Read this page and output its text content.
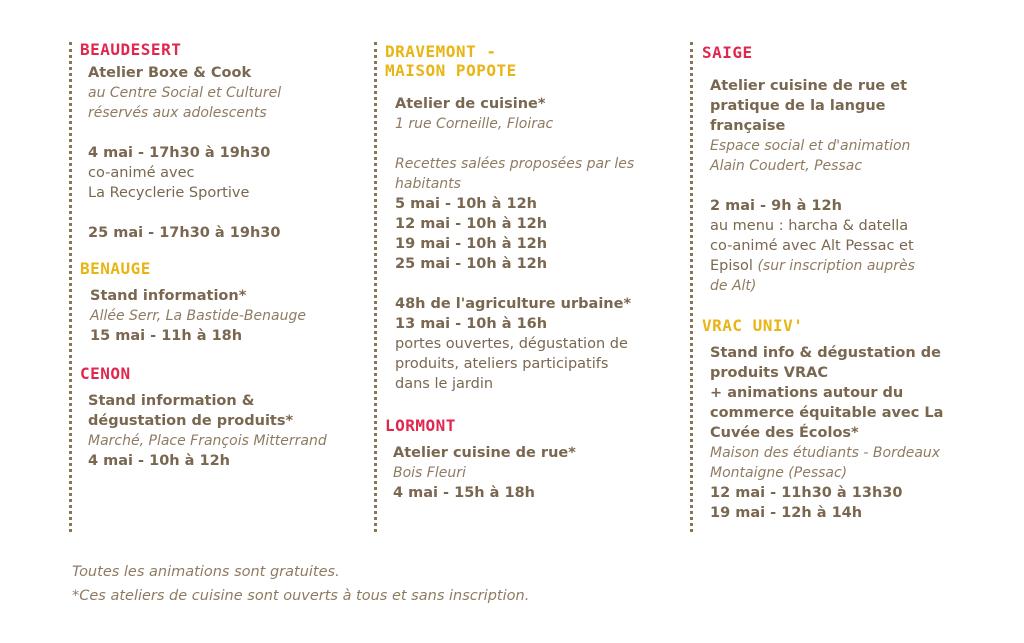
BEAUDESERT

Atelier Boxe & Cook
au Centre Social et Culturel
réservés aux adolescents
4 mai - 17h30 à 19h30
co-animé avec
La Recyclerie Sportive
25 mai - 17h30 à 19h30

BENAUGE

Stand information*
Allée Serr, La Bastide-Benauge
15 mai - 11h à 18h

CENON

Stand information &
dégustation de produits*
Marché, Place François Mitterrand
4 mai - 10h à 12h

DRAVEMONT -

MAISON POPOTE

Atelier de cuisine*
1 rue Corneille, Floirac
Recettes salées proposées par les
habitants
5 mai - 10h à 12h
12 mai - 10h à 12h
19 mai - 10h à 12h
25 mai - 10h à 12h
48h de l'agriculture urbaine*
13 mai - 10h à 16h
portes ouvertes, dégustation de
produits, ateliers participatifs
dans le jardin

LORMONT

Atelier cuisine de rue*
Bois Fleuri
4 mai - 15h à 18h

SAIGE

Atelier cuisine de rue et
pratique de la langue
française
Espace social et d'animation
Alain Coudert, Pessac
2 mai - 9h à 12h
au menu : harcha & datella
co-animé avec Alt Pessac et
Episol (sur inscription auprès
de Alt)

VRAC UNIV'

Stand info & dégustation de
produits VRAC
+ animations autour du
commerce équitable avec La
Cuvée des Écolos*
Maison des étudiants - Bordeaux
Montaigne (Pessac)
12 mai - 11h30 à 13h30
19 mai - 12h à 14h
Toutes les animations sont gratuites.
*Ces ateliers de cuisine sont ouverts à tous et sans inscription.
